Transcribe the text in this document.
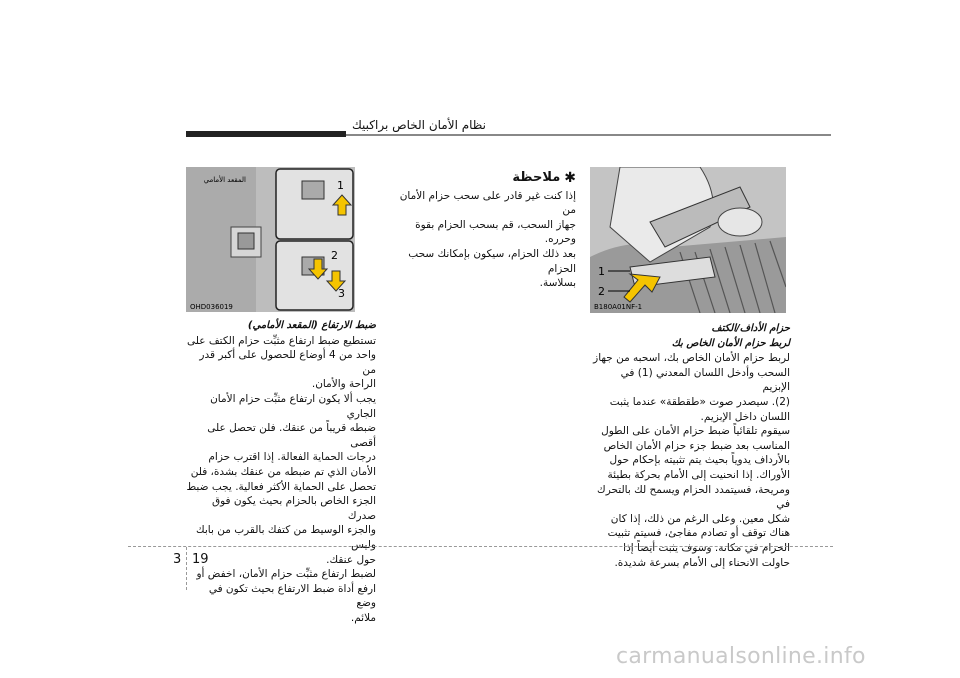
نظام الأمان الخاص براكبيك
1
2
B180A01NF-1
1
2
3
OHD036019
المقعد الأمامي

حزام الأداف/الكتف

لربط حزام الأمان الخاص بك

لربط حزام الأمان الخاص بك، اسحبه من جهاز

السحب وأدخل اللسان المعدني (1) في الإبزيم

(2). سيصدر صوت «طقطقة» عندما يثبت

اللسان داخل الإبزيم.

سيقوم تلقائياً ضبط حزام الأمان على الطول

المناسب بعد ضبط جزء حزام الأمان الخاص

بالأرداف يدوياً بحيث يتم تثبيته بإحكام حول

الأوراك. إذا انحنيت إلى الأمام بحركة بطيئة

ومريحة، فسيتمدد الحزام ويسمح لك بالتحرك في

شكل معين. وعلى الرغم من ذلك، إذا كان

هناك توقف أو تصادم مفاجئ، فسيتم تثبيت

الحزام في مكانه. وسوف يثبت أيضاً إذا

حاولت الانحناء إلى الأمام بسرعة شديدة.

✱
ملاحظة

إذا كنت غير قادر على سحب حزام الأمان من

جهاز السحب، قم بسحب الحزام بقوة وحرره.

بعد ذلك الحزام، سيكون بإمكانك سحب الحزام

بسلاسة.

ضبط الارتفاع (المقعد الأمامي)

تستطيع ضبط ارتفاع مثبِّت حزام الكتف على

واحد من 4 أوضاع للحصول على أكبر قدر من

الراحة والأمان.

يجب ألا يكون ارتفاع مثبِّت حزام الأمان الجاري

ضبطه قريباً من عنقك. فلن تحصل على أقصى

درجات الحماية الفعالة. إذا اقترب حزام

الأمان الذي تم ضبطه من عنقك بشدة، فلن

تحصل على الحماية الأكثر فعالية. يجب ضبط

الجزء الخاص بالحزام بحيث يكون فوق صدرك

والجزء الوسيط من كتفك بالقرب من بابك وليس

حول عنقك.

لضبط ارتفاع مثبِّت حزام الأمان، اخفض أو

ارفع أداة ضبط الارتفاع بحيث تكون في وضع

ملائم.

3 19
carmanualsonline.info
